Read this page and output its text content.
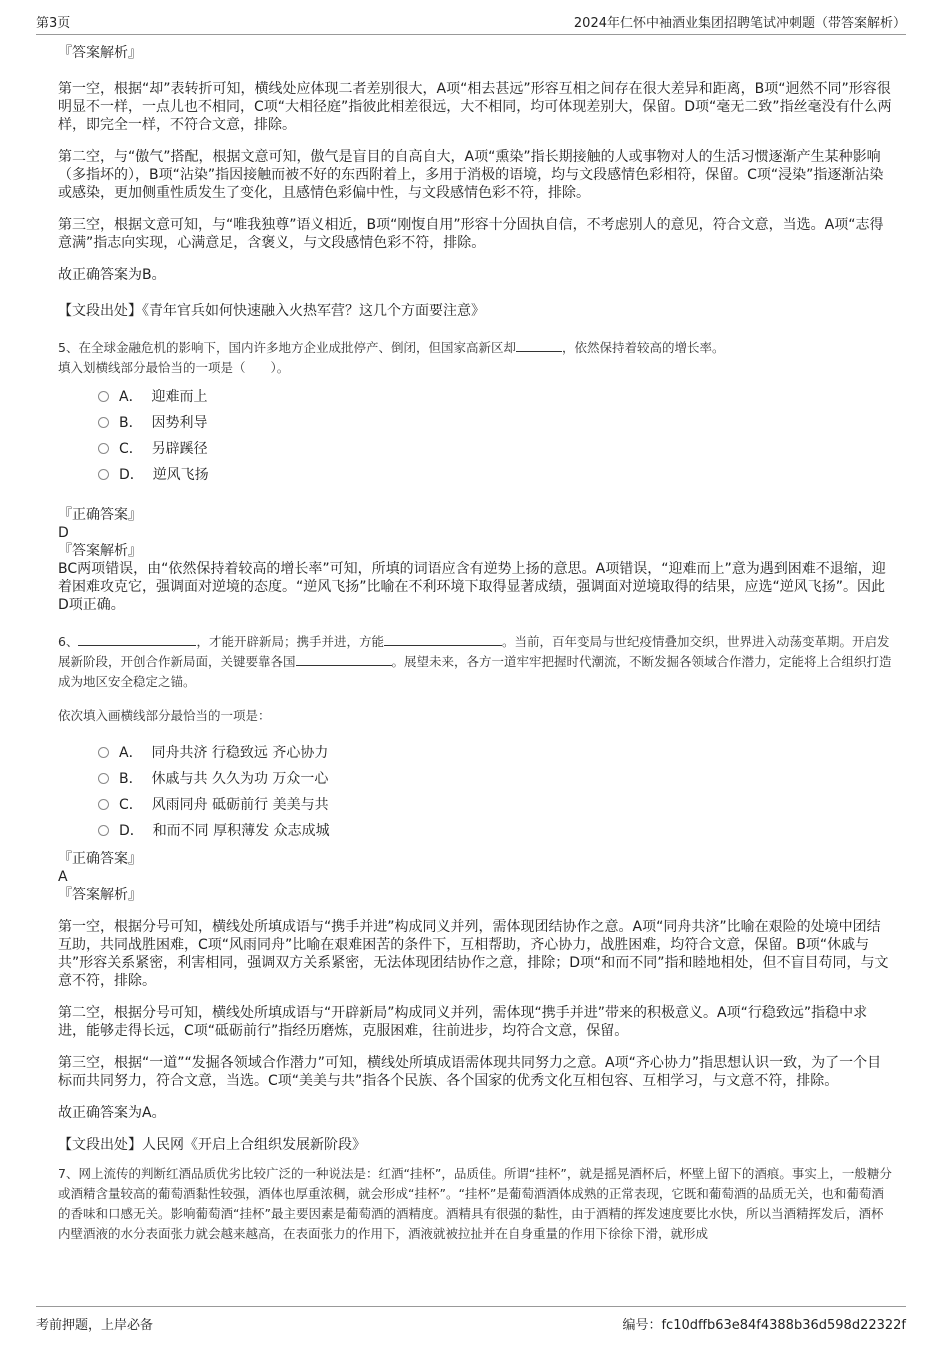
第3页	2024年仁怀中袖酒业集团招聘笔试冲刺题（带答案解析）

『答案解析』

第一空，根据“却”表转折可知，横线处应体现二者差别很大，A项“相去甚远”形容互相之间存在很大差异和距离，B项“迥然不同”形容很明显不一样，一点儿也不相同，C项“大相径庭”指彼此相差很远，大不相同，均可体现差别大，保留。D项“毫无二致”指丝毫没有什么两样，即完全一样，不符合文意，排除。

第二空，与“傲气”搭配，根据文意可知，傲气是盲目的自高自大，A项“熏染”指长期接触的人或事物对人的生活习惯逐渐产生某种影响（多指坏的），B项“沾染”指因接触而被不好的东西附着上，多用于消极的语境，均与文段感情色彩相符，保留。C项“浸染”指逐渐沾染或感染，更加侧重性质发生了变化，且感情色彩偏中性，与文段感情色彩不符，排除。

第三空，根据文意可知，与“唯我独尊”语义相近，B项“刚愎自用”形容十分固执自信，不考虑别人的意见，符合文意，当选。A项“志得意满”指志向实现，心满意足，含褒义，与文段感情色彩不符，排除。

故正确答案为B。

【文段出处】《青年官兵如何快速融入火热军营？这几个方面要注意》

5、在全球金融危机的影响下，国内许多地方企业成批停产、倒闭，但国家高新区却	，依然保持着较高的增长率。

填入划横线部分最恰当的一项是（　　）。

A． 迎难而上
B． 因势利导
C． 另辟蹊径
D． 逆风飞扬

『正确答案』

D

『答案解析』

BC两项错误，由“依然保持着较高的增长率”可知，所填的词语应含有逆势上扬的意思。A项错误，“迎难而上”意为遇到困难不退缩，迎着困难攻克它，强调面对逆境的态度。“逆风飞扬”比喻在不利环境下取得显著成绩，强调面对逆境取得的结果，应选“逆风飞扬”。因此D项正确。

6、	，才能开辟新局；携手并进，方能	。当前，百年变局与世纪疫情叠加交织，世界进入动荡变革期。开启发展新阶段，开创合作新局面，关键要靠各国	。展望未来，各方一道牢牢把握时代潮流，不断发掘各领域合作潜力，定能将上合组织打造成为地区安全稳定之锚。

依次填入画横线部分最恰当的一项是：

A． 同舟共济 行稳致远 齐心协力
B． 休戚与共 久久为功 万众一心
C． 风雨同舟 砥砺前行 美美与共
D． 和而不同 厚积薄发 众志成城

『正确答案』

A

『答案解析』

第一空，根据分号可知，横线处所填成语与“携手并进”构成同义并列，需体现团结协作之意。A项“同舟共济”比喻在艰险的处境中团结互助，共同战胜困难，C项“风雨同舟”比喻在艰难困苦的条件下，互相帮助，齐心协力，战胜困难，均符合文意，保留。B项“休戚与共”形容关系紧密，利害相同，强调双方关系紧密，无法体现团结协作之意，排除；D项“和而不同”指和睦地相处，但不盲目苟同，与文意不符，排除。

第二空，根据分号可知，横线处所填成语与“开辟新局”构成同义并列，需体现“携手并进”带来的积极意义。A项“行稳致远”指稳中求进，能够走得长远，C项“砥砺前行”指经历磨炼，克服困难，往前进步，均符合文意，保留。

第三空，根据“一道”“发掘各领域合作潜力”可知，横线处所填成语需体现共同努力之意。A项“齐心协力”指思想认识一致，为了一个目标而共同努力，符合文意，当选。C项“美美与共”指各个民族、各个国家的优秀文化互相包容、互相学习，与文意不符，排除。

故正确答案为A。

【文段出处】人民网《开启上合组织发展新阶段》

7、网上流传的判断红酒品质优劣比较广泛的一种说法是：红酒“挂杯”，品质佳。所谓“挂杯”，就是摇晃酒杯后，杯壁上留下的酒痕。事实上，一般糖分或酒精含量较高的葡萄酒黏性较强，酒体也厚重浓稠，就会形成“挂杯”。“挂杯”是葡萄酒酒体成熟的正常表现，它既和葡萄酒的品质无关，也和葡萄酒的香味和口感无关。影响葡萄酒“挂杯”最主要因素是葡萄酒的酒精度。酒精具有很强的黏性，由于酒精的挥发速度要比水快，所以当酒精挥发后，酒杯内壁酒液的水分表面张力就会越来越高，在表面张力的作用下，酒液就被拉扯并在自身重量的作用下徐徐下滑，就形成

考前押题，上岸必备	编号：fc10dffb63e84f4388b36d598d22322f
